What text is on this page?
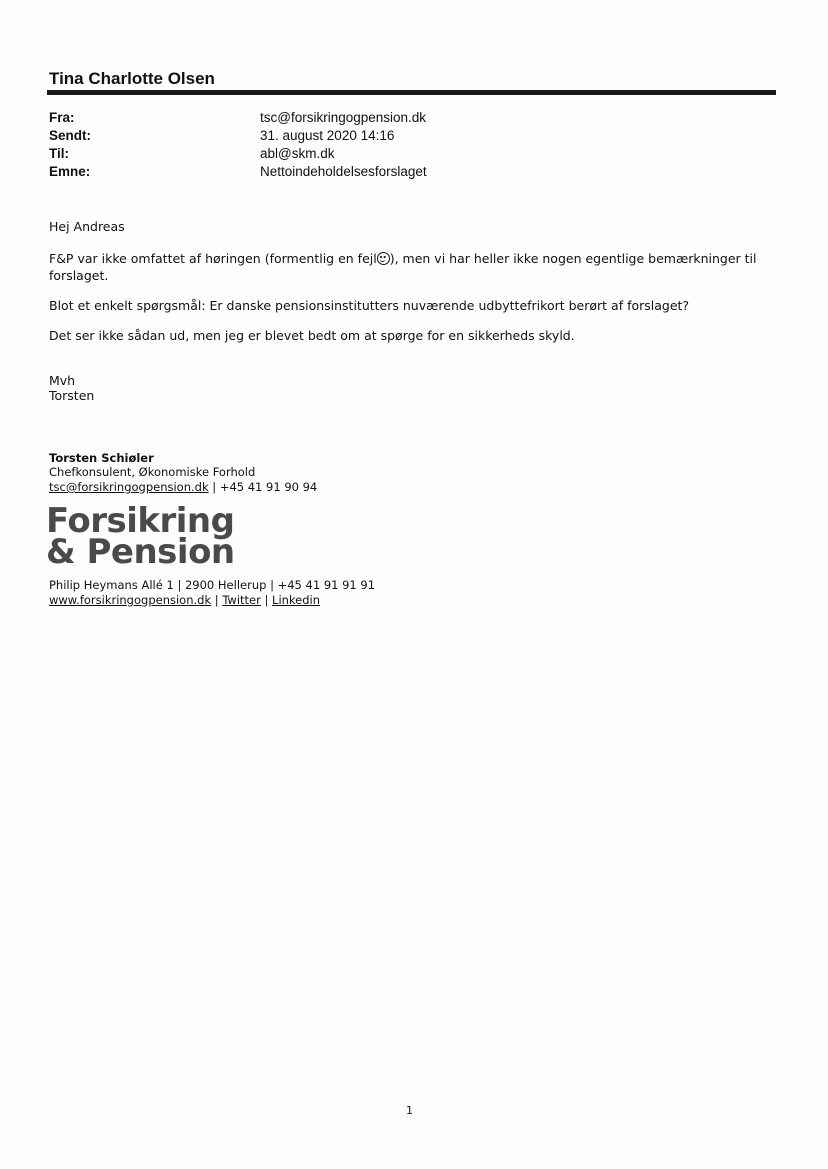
Tina Charlotte Olsen
Fra:	tsc@forsikringogpension.dk
Sendt:	31. august 2020 14:16
Til:	abl@skm.dk
Emne:	Nettoindeholdelsesforslaget
Hej Andreas
F&P var ikke omfattet af høringen (formentlig en fejl ), men vi har heller ikke nogen egentlige bemærkninger til forslaget.
Blot et enkelt spørgsmål: Er danske pensionsinstitutters nuværende udbyttefrikort berørt af forslaget?
Det ser ikke sådan ud, men jeg er blevet bedt om at spørge for en sikkerheds skyld.
Mvh
Torsten
Torsten Schiøler
Chefkonsulent, Økonomiske Forhold
tsc@forsikringogpension.dk | +45 41 91 90 94
Forsikring
& Pension
Philip Heymans Allé 1 | 2900 Hellerup | +45 41 91 91 91
www.forsikringogpension.dk | Twitter | Linkedin
1
